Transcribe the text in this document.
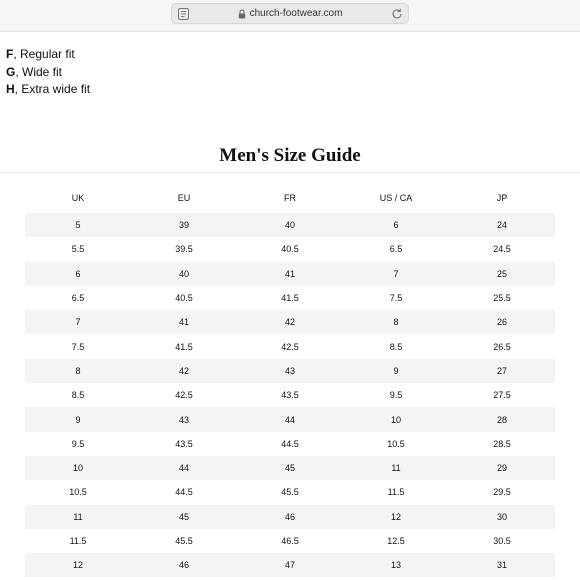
church-footwear.com
F, Regular fit
G, Wide fit
H, Extra wide fit
Men's Size Guide
UK	EU	FR	US / CA	JP
5	39	40	6	24
5.5	39.5	40.5	6.5	24.5
6	40	41	7	25
6.5	40.5	41.5	7.5	25.5
7	41	42	8	26
7.5	41.5	42.5	8.5	26.5
8	42	43	9	27
8.5	42.5	43.5	9.5	27.5
9	43	44	10	28
9.5	43.5	44.5	10.5	28.5
10	44	45	11	29
10.5	44.5	45.5	11.5	29.5
11	45	46	12	30
11.5	45.5	46.5	12.5	30.5
12	46	47	13	31
